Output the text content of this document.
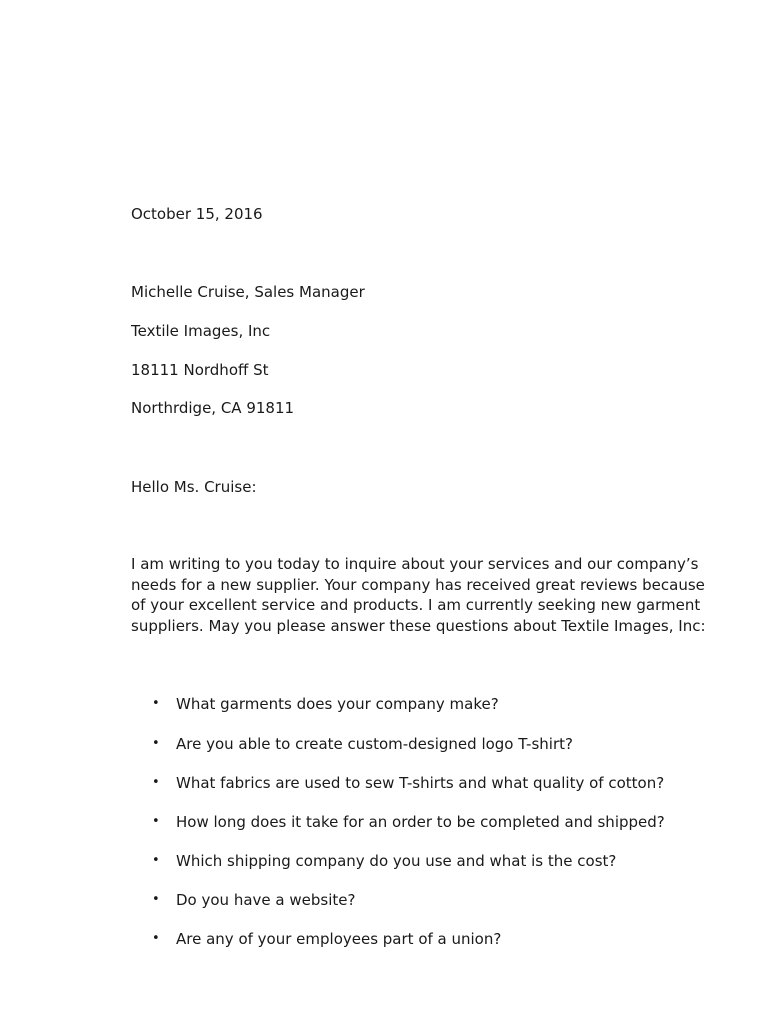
October 15, 2016
Michelle Cruise, Sales Manager
Textile Images, Inc
18111 Nordhoff St
Northrdige, CA 91811
Hello Ms. Cruise:
I am writing to you today to inquire about your services and our company’s
needs for a new supplier. Your company has received great reviews because
of your excellent service and products. I am currently seeking new garment
suppliers. May you please answer these questions about Textile Images, Inc:
• What garments does your company make?
• Are you able to create custom-designed logo T-shirt?
• What fabrics are used to sew T-shirts and what quality of cotton?
• How long does it take for an order to be completed and shipped?
• Which shipping company do you use and what is the cost?
• Do you have a website?
• Are any of your employees part of a union?
